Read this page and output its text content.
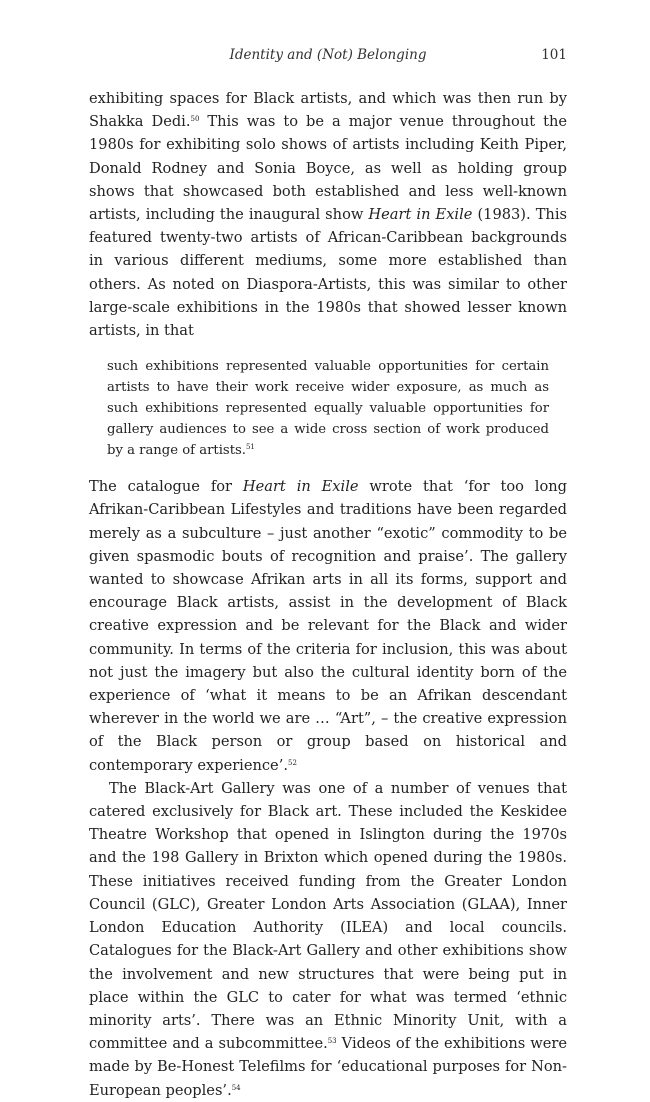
Identity and (Not) Belonging	101

exhibiting spaces for Black artists, and which was then run by Shakka Dedi.$^{50}$ This was to be a major venue throughout the 1980s for exhibiting solo shows of artists including Keith Piper, Donald Rodney and Sonia Boyce, as well as holding group shows that showcased both established and less well-known artists, including the inaugural show Heart in Exile (1983). This featured twenty-two artists of African-Caribbean backgrounds in various different mediums, some more established than others. As noted on Diaspora-Artists, this was similar to other large-scale exhibitions in the 1980s that showed lesser known artists, in that

such exhibitions represented valuable opportunities for certain artists to have their work receive wider exposure, as much as such exhibitions represented equally valuable opportunities for gallery audiences to see a wide cross section of work produced by a range of artists.$^{51}$

The catalogue for Heart in Exile wrote that ‘for too long Afrikan-Caribbean Lifestyles and traditions have been regarded merely as a subculture – just another “exotic” commodity to be given spasmodic bouts of recognition and praise’. The gallery wanted to showcase Afrikan arts in all its forms, support and encourage Black artists, assist in the development of Black creative expression and be relevant for the Black and wider community. In terms of the criteria for inclusion, this was about not just the imagery but also the cultural identity born of the experience of ‘what it means to be an Afrikan descendant wherever in the world we are … “Art”, – the creative expression of the Black person or group based on historical and contemporary experience’.$^{52}$

The Black-Art Gallery was one of a number of venues that catered exclusively for Black art. These included the Keskidee Theatre Workshop that opened in Islington during the 1970s and the 198 Gallery in Brixton which opened during the 1980s. These initiatives received funding from the Greater London Council (GLC), Greater London Arts Association (GLAA), Inner London Education Authority (ILEA) and local councils. Catalogues for the Black-Art Gallery and other exhibitions show the involvement and new structures that were being put in place within the GLC to cater for what was termed ‘ethnic minority arts’. There was an Ethnic Minority Unit, with a committee and a subcommittee.$^{53}$ Videos of the exhibitions were made by Be-Honest Telefilms for ‘educational purposes for Non-European peoples’.$^{54}$
